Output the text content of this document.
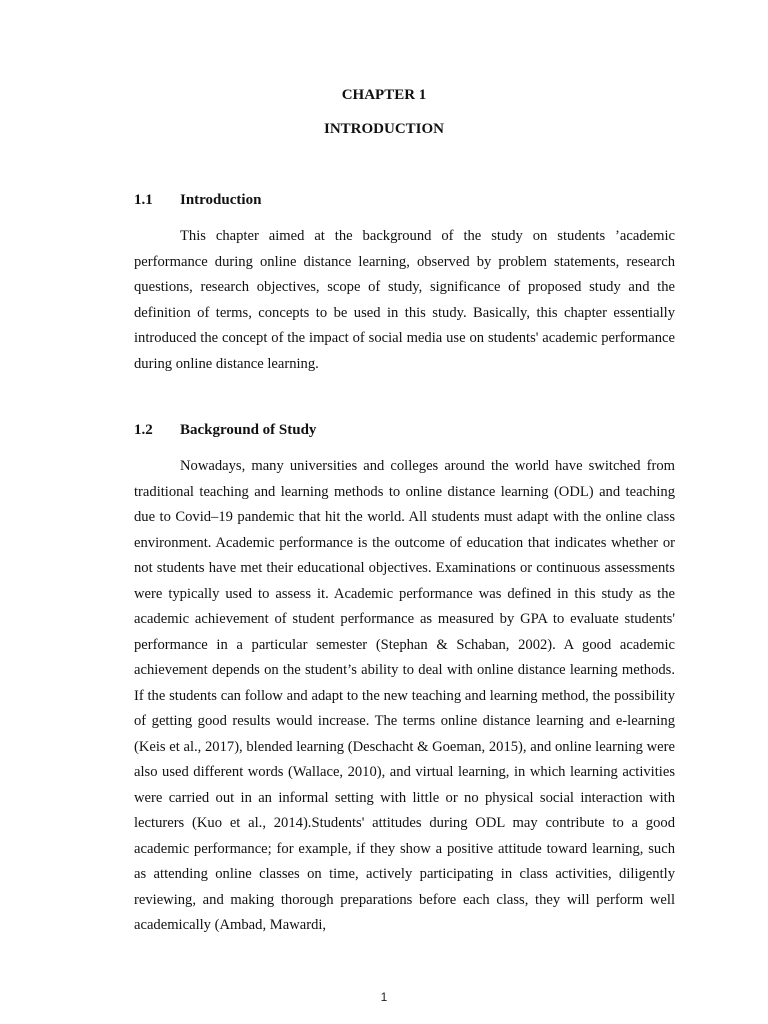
CHAPTER 1
INTRODUCTION
1.1 Introduction

This chapter aimed at the background of the study on students ’academic performance during online distance learning, observed by problem statements, research questions, research objectives, scope of study, significance of proposed study and the definition of terms, concepts to be used in this study. Basically, this chapter essentially introduced the concept of the impact of social media use on students' academic performance during online distance learning.

1.2 Background of Study

Nowadays, many universities and colleges around the world have switched from traditional teaching and learning methods to online distance learning (ODL) and teaching due to Covid–19 pandemic that hit the world. All students must adapt with the online class environment. Academic performance is the outcome of education that indicates whether or not students have met their educational objectives. Examinations or continuous assessments were typically used to assess it. Academic performance was defined in this study as the academic achievement of student performance as measured by GPA to evaluate students' performance in a particular semester (Stephan & Schaban, 2002). A good academic achievement depends on the student’s ability to deal with online distance learning methods. If the students can follow and adapt to the new teaching and learning method, the possibility of getting good results would increase. The terms online distance learning and e-learning (Keis et al., 2017), blended learning (Deschacht & Goeman, 2015), and online learning were also used different words (Wallace, 2010), and virtual learning, in which learning activities were carried out in an informal setting with little or no physical social interaction with lecturers (Kuo et al., 2014).Students' attitudes during ODL may contribute to a good academic performance; for example, if they show a positive attitude toward learning, such as attending online classes on time, actively participating in class activities, diligently reviewing, and making thorough preparations before each class, they will perform well academically (Ambad, Mawardi,

1
